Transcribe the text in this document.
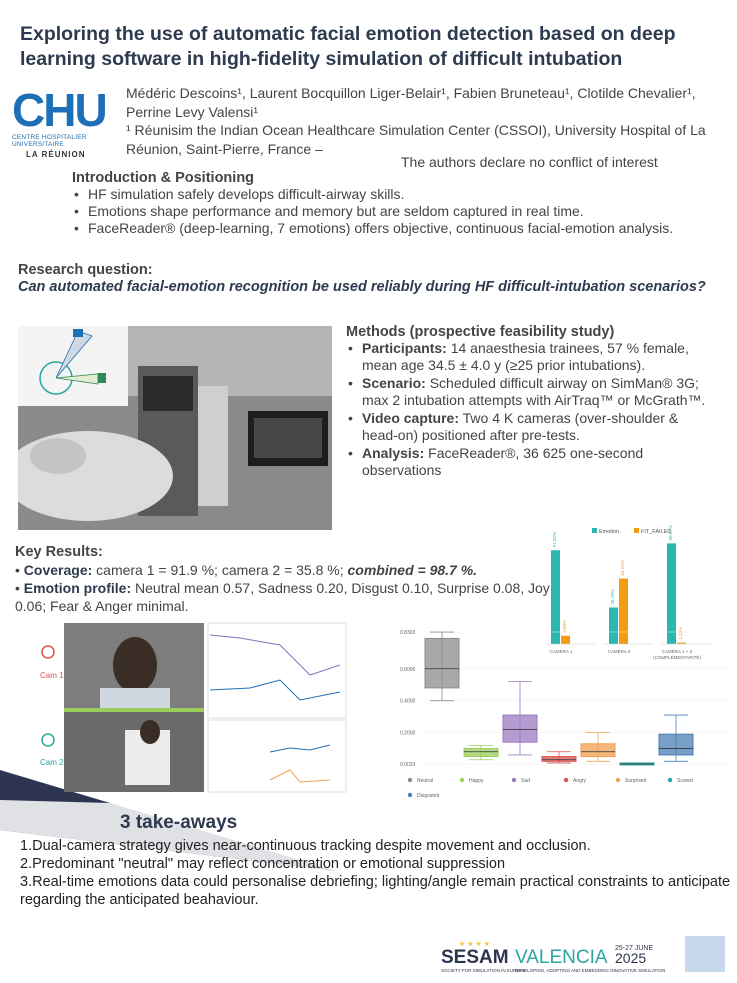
Exploring the use of automatic facial emotion detection based on deep learning software in high-fidelity simulation of difficult intubation
CHU
CENTRE HOSPITALIER UNIVERSITAIRE
LA RÉUNION
Médéric Descoins¹, Laurent Bocquillon Liger-Belair¹, Fabien Bruneteau¹, Clotilde Chevalier¹, Perrine Levy Valensi¹
¹ Réunisim the Indian Ocean Healthcare Simulation Center (CSSOI), University Hospital of La Réunion, Saint-Pierre, France –
The authors declare no conflict of interest
Introduction & Positioning
• HF simulation safely develops difficult-airway skills.
• Emotions shape performance and memory but are seldom captured in real time.
• FaceReader® (deep-learning, 7 emotions) offers objective, continuous facial-emotion analysis.
Research question:
Can automated facial-emotion recognition be used reliably during HF difficult-intubation scenarios?
Methods (prospective feasibility study)
• Participants: 14 anaesthesia trainees, 57 % female, mean age 34.5 ± 4.0 y (≥25 prior intubations).
• Scenario: Scheduled difficult airway on SimMan® 3G; max 2 intubation attempts with AirTraq™ or McGrath™.
• Video capture: Two 4 K cameras (over-shoulder & head-on) positioned after pre-tests.
• Analysis: FaceReader®, 36 625 one-second observations
Key Results:
• Coverage: camera 1 = 91.9 %; camera 2 = 35.8 %; combined = 98.7 %.
• Emotion profile: Neutral mean 0.57, Sadness 0.20, Disgust 0.10, Surprise 0.08, Joy 0.06; Fear & Anger minimal.
Cam 1
Cam 2
Emotion	FIT_FAILED
91,92%
8,08%
CAMÉRA 1
35,79%
64,21%
CAMÉRA 2
98,67%
1,33%
CAMÉRA 1 + 2
(COMPLÉMENTARITÉ)
0.0033
0.2000
0.4000
0.6000
0.8303
Neutral	Happy	Sad	Angry	Surprised	Scared
Disgusted
3 take-aways

1.Dual-camera strategy gives near-continuous tracking despite movement and occlusion.

2.Predominant "neutral" may reflect concentration or emotional suppression

3.Real-time emotions data could personalise debriefing; lighting/angle remain practical constraints to anticipate regarding the anticipated beahaviour.

★ ★ ★ ★
SESAM
SOCIETY FOR SIMULATION IN EUROPE
VALENCIA 25-27 JUNE
2025
DEVELOPING, ADOPTING AND EMBEDDING INNOVATIVE SIMULATION
